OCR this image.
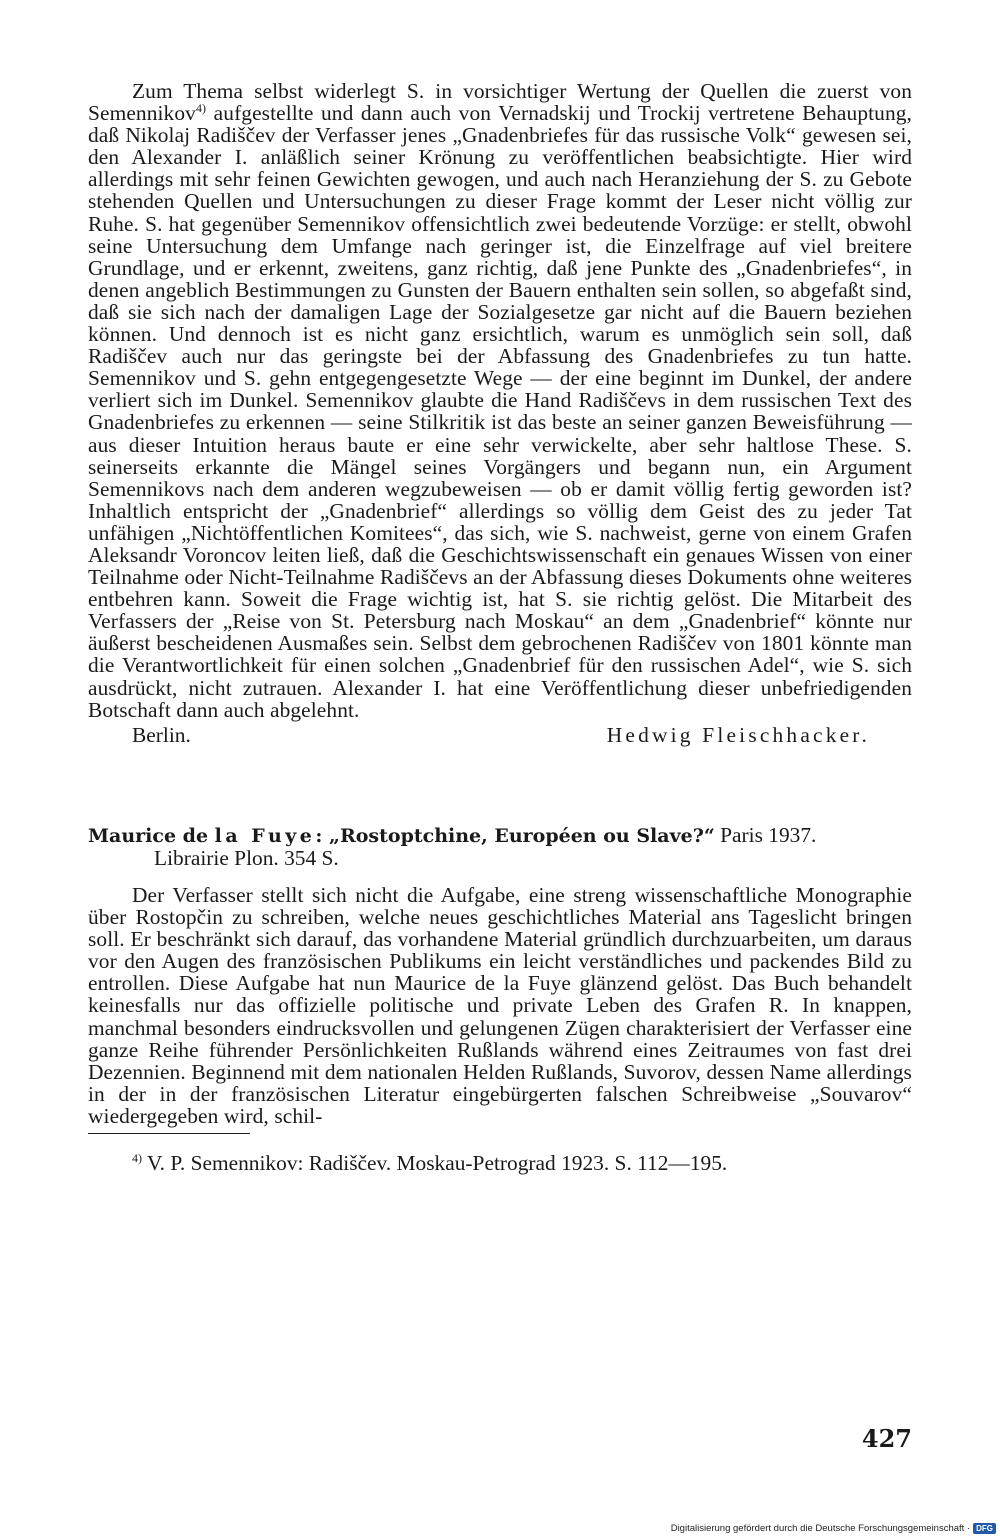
Zum Thema selbst widerlegt S. in vorsichtiger Wertung der Quellen die zuerst von Semennikov$^{4)}$ aufgestellte und dann auch von Vernadskij und Trockij vertretene Behauptung, daß Nikolaj Radiščev der Verfasser jenes „Gnadenbriefes für das russische Volk“ gewesen sei, den Alexander I. anläßlich seiner Krönung zu veröffentlichen beabsichtigte. Hier wird allerdings mit sehr feinen Gewichten gewogen, und auch nach Heranziehung der S. zu Gebote stehenden Quellen und Untersuchungen zu dieser Frage kommt der Leser nicht völlig zur Ruhe. S. hat gegenüber Semennikov offensichtlich zwei bedeutende Vorzüge: er stellt, obwohl seine Untersuchung dem Umfange nach geringer ist, die Einzelfrage auf viel breitere Grundlage, und er erkennt, zweitens, ganz richtig, daß jene Punkte des „Gnadenbriefes“, in denen angeblich Bestimmungen zu Gunsten der Bauern enthalten sein sollen, so abgefaßt sind, daß sie sich nach der damaligen Lage der Sozialgesetze gar nicht auf die Bauern beziehen können. Und dennoch ist es nicht ganz ersichtlich, warum es unmöglich sein soll, daß Radiščev auch nur das geringste bei der Abfassung des Gnadenbriefes zu tun hatte. Semennikov und S. gehn entgegengesetzte Wege — der eine beginnt im Dunkel, der andere verliert sich im Dunkel. Semennikov glaubte die Hand Radiščevs in dem russischen Text des Gnadenbriefes zu erkennen — seine Stilkritik ist das beste an seiner ganzen Beweisführung — aus dieser Intuition heraus baute er eine sehr verwickelte, aber sehr haltlose These. S. seinerseits erkannte die Mängel seines Vorgängers und begann nun, ein Argument Semennikovs nach dem anderen wegzubeweisen — ob er damit völlig fertig geworden ist? Inhaltlich entspricht der „Gnadenbrief“ allerdings so völlig dem Geist des zu jeder Tat unfähigen „Nichtöffentlichen Komitees“, das sich, wie S. nachweist, gerne von einem Grafen Aleksandr Voroncov leiten ließ, daß die Geschichtswissenschaft ein genaues Wissen von einer Teilnahme oder Nicht-Teilnahme Radiščevs an der Abfassung dieses Dokuments ohne weiteres entbehren kann. Soweit die Frage wichtig ist, hat S. sie richtig gelöst. Die Mitarbeit des Verfassers der „Reise von St. Petersburg nach Moskau“ an dem „Gnadenbrief“ könnte nur äußerst bescheidenen Ausmaßes sein. Selbst dem gebrochenen Radiščev von 1801 könnte man die Verantwortlichkeit für einen solchen „Gnadenbrief für den russischen Adel“, wie S. sich ausdrückt, nicht zutrauen. Alexander I. hat eine Veröffentlichung dieser unbefriedigenden Botschaft dann auch abgelehnt.

Berlin.	Hedwig Fleischhacker.
Maurice de la Fuye: „Rostoptchine, Européen ou Slave?“ Paris 1937.
Librairie Plon. 354 S.

Der Verfasser stellt sich nicht die Aufgabe, eine streng wissenschaftliche Monographie über Rostopčin zu schreiben, welche neues geschichtliches Material ans Tageslicht bringen soll. Er beschränkt sich darauf, das vorhandene Material gründlich durchzuarbeiten, um daraus vor den Augen des französischen Publikums ein leicht verständliches und packendes Bild zu entrollen. Diese Aufgabe hat nun Maurice de la Fuye glänzend gelöst. Das Buch behandelt keinesfalls nur das offizielle politische und private Leben des Grafen R. In knappen, manchmal besonders eindrucksvollen und gelungenen Zügen charakterisiert der Verfasser eine ganze Reihe führender Persönlichkeiten Rußlands während eines Zeitraumes von fast drei Dezennien. Beginnend mit dem nationalen Helden Rußlands, Suvorov, dessen Name allerdings in der in der französischen Literatur eingebürgerten falschen Schreibweise „Souvarov“ wiedergegeben wird, schil-

$^{4)}$ V. P. Semennikov: Radiščev. Moskau-Petrograd 1923. S. 112—195.
427
Digitalisierung gefördert durch die Deutsche Forschungsgemeinschaft · DFG
